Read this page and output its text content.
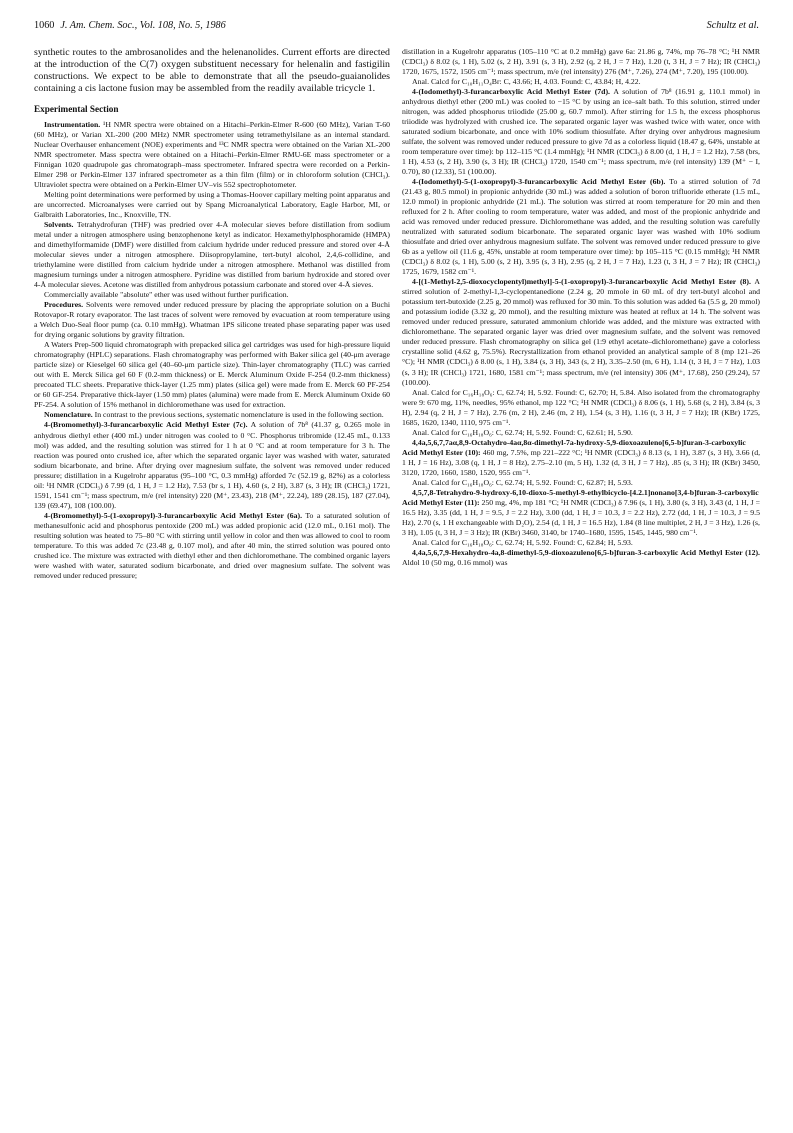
1060 J. Am. Chem. Soc., Vol. 108, No. 5, 1986	Schultz et al.

synthetic routes to the ambrosanolides and the helenanolides. Current efforts are directed at the introduction of the C(7) oxygen substituent necessary for helenalin and fastigilin constructions. We expect to be able to demonstrate that all the pseudo-guaianolides containing a cis lactone fusion may be assembled from the readily available tricycle 1.

Experimental Section

Instrumentation. ¹H NMR spectra were obtained on a Hitachi–Perkin-Elmer R-600 (60 MHz), Varian T-60 (60 MHz), or Varian XL-200 (200 MHz) NMR spectrometer using tetramethylsilane as an internal standard. Nuclear Overhauser enhancement (NOE) experiments and ¹³C NMR spectra were obtained on the Varian XL-200 NMR spectrometer. Mass spectra were obtained on a Hitachi–Perkin-Elmer RMU-6E mass spectrometer or a Finnigan 1020 quadrupole gas chromatograph–mass spectrometer. Infrared spectra were recorded on a Perkin-Elmer 298 or Perkin-Elmer 137 infrared spectrometer as a thin film (film) or in chloroform solution (CHCl₃). Ultraviolet spectra were obtained on a Perkin-Elmer UV–vis 552 spectrophotometer.

Melting point determinations were performed by using a Thomas-Hoover capillary melting point apparatus and are uncorrected. Microanalyses were carried out by Spang Microanalytical Laboratory, Eagle Harbor, MI, or Galbraith Laboratories, Inc., Knoxville, TN.

Solvents. Tetrahydrofuran (THF) was predried over 4-Å molecular sieves before distillation from sodium metal under a nitrogen atmosphere using benzophenone ketyl as indicator. Hexamethylphosphoramide (HMPA) and dimethylformamide (DMF) were distilled from calcium hydride under reduced pressure and stored over 4-Å molecular sieves under a nitrogen atmosphere. Diisopropylamine, tert-butyl alcohol, 2,4,6-collidine, and triethylamine were distilled from calcium hydride under a nitrogen atmosphere. Methanol was distilled from magnesium turnings under a nitrogen atmosphere. Pyridine was distilled from barium hydroxide and stored over 4-Å molecular sieves. Acetone was distilled from anhydrous potassium carbonate and stored over 4-Å sieves.

Commercially available "absolute" ether was used without further purification.

Procedures. Solvents were removed under reduced pressure by placing the appropriate solution on a Buchi Rotovapor-R rotary evaporator. The last traces of solvent were removed by evacuation at room temperature using a Welch Duo-Seal floor pump (ca. 0.10 mmHg). Whatman 1PS silicone treated phase separating paper was used for drying organic solutions by gravity filtration.

A Waters Prep-500 liquid chromatograph with prepacked silica gel cartridges was used for high-pressure liquid chromatography (HPLC) separations. Flash chromatography was performed with Baker silica gel (40-μm average particle size) or Kieselgel 60 silica gel (40–60-μm particle size). Thin-layer chromatography (TLC) was carried out with E. Merck Silica gel 60 F (0.2-mm thickness) or E. Merck Aluminum Oxide F-254 (0.2-mm thickness) precoated TLC sheets. Preparative thick-layer (1.25 mm) plates (silica gel) were made from E. Merck 60 PF-254 or 60 GF-254. Preparative thick-layer (1.50 mm) plates (alumina) were made from E. Merck Aluminum Oxide 60 PF-254. A solution of 15% methanol in dichloromethane was used for extraction.

Nomenclature. In contrast to the previous sections, systematic nomenclature is used in the following section.

4-(Bromomethyl)-3-furancarboxylic Acid Methyl Ester (7c). A solution of 7b⁸ (41.37 g, 0.265 mole in anhydrous diethyl ether (400 mL) under nitrogen was cooled to 0 °C. Phosphorus tribromide (12.45 mL, 0.133 mol) was added, and the resulting solution was stirred for 1 h at 0 °C and at room temperature for 3 h. The reaction was poured onto crushed ice, after which the separated organic layer was washed with water, saturated sodium bicarbonate, and brine. After drying over magnesium sulfate, the solvent was removed under reduced pressure; distillation in a Kugelrohr apparatus (95–100 °C, 0.3 mmHg) afforded 7c (52.19 g, 82%) as a colorless oil: ¹H NMR (CDCl₃) δ 7.99 (d, 1 H, J = 1.2 Hz), 7.53 (br s, 1 H), 4.60 (s, 2 H), 3.87 (s, 3 H); IR (CHCl₃) 1721, 1591, 1541 cm⁻¹; mass spectrum, m/e (rel intensity) 220 (M⁺, 23.43), 218 (M⁺, 22.24), 189 (28.15), 187 (27.04), 139 (69.47), 108 (100.00).

4-(Bromomethyl)-5-(1-oxopropyl)-3-furancarboxylic Acid Methyl Ester (6a). To a saturated solution of methanesulfonic acid and phosphorus pentoxide (200 mL) was added propionic acid (12.0 mL, 0.161 mol). The resulting solution was heated to 75–80 °C with stirring until yellow in color and then was allowed to cool to room temperature. To this was added 7c (23.48 g, 0.107 mol), and after 40 min, the stirred solution was poured onto crushed ice. The mixture was extracted with diethyl ether and then dichloromethane. The combined organic layers were washed with water, saturated sodium bicarbonate, and dried over magnesium sulfate. The solvent was removed under reduced pressure;

distillation in a Kugelrohr apparatus (105–110 °C at 0.2 mmHg) gave 6a: 21.86 g, 74%, mp 76–78 °C; ¹H NMR (CDCl₃) δ 8.02 (s, 1 H), 5.02 (s, 2 H), 3.91 (s, 3 H), 2.92 (q, 2 H, J = 7 Hz), 1.20 (t, 3 H, J = 7 Hz); IR (CHCl₃) 1720, 1675, 1572, 1505 cm⁻¹; mass spectrum, m/e (rel intensity) 276 (M⁺, 7.26), 274 (M⁺, 7.20), 195 (100.00).

Anal. Calcd for C₁₀H₁₁O₄Br: C, 43.66; H, 4.03. Found: C, 43.84; H, 4.22.

4-(Iodomethyl)-3-furancarboxylic Acid Methyl Ester (7d). A solution of 7b⁸ (16.91 g, 110.1 mmol) in anhydrous diethyl ether (200 mL) was cooled to −15 °C by using an ice–salt bath. To this solution, stirred under nitrogen, was added phosphorus triiodide (25.00 g, 60.7 mmol). After stirring for 1.5 h, the excess phosphorus triiodide was hydrolyzed with crushed ice. The separated organic layer was washed twice with water, once with saturated sodium bicarbonate, and once with 10% sodium thiosulfate. After drying over anhydrous magnesium sulfate, the solvent was removed under reduced pressure to give 7d as a colorless liquid (18.47 g, 64%, unstable at room temperature over time): bp 112–115 °C (1.4 mmHg); ¹H NMR (CDCl₃) δ 8.00 (d, 1 H, J = 1.2 Hz), 7.58 (brs, 1 H), 4.53 (s, 2 H), 3.90 (s, 3 H); IR (CHCl₃) 1720, 1540 cm⁻¹; mass spectrum, m/e (rel intensity) 139 (M⁺ − I, 0.70), 80 (12.33), 51 (100.00).

4-(Iodomethyl)-5-(1-oxopropyl)-3-furancarboxylic Acid Methyl Ester (6b). To a stirred solution of 7d (21.43 g, 80.5 mmol) in propionic anhydride (30 mL) was added a solution of boron trifluoride etherate (1.5 mL, 12.0 mmol) in propionic anhydride (21 mL). The solution was stirred at room temperature for 20 min and then refluxed for 2 h. After cooling to room temperature, water was added, and most of the propionic anhydride and acid was removed under reduced pressure. Dichloromethane was added, and the resulting solution was carefully neutralized with saturated sodium bicarbonate. The separated organic layer was washed with 10% sodium thiosulfate and dried over anhydrous magnesium sulfate. The solvent was removed under reduced pressure to give 6b as a yellow oil (11.6 g, 45%, unstable at room temperature over time): bp 105–115 °C (0.15 mmHg); ¹H NMR (CDCl₃) δ 8.02 (s, 1 H), 5.00 (s, 2 H), 3.95 (s, 3 H), 2.95 (q, 2 H, J = 7 Hz), 1.23 (t, 3 H, J = 7 Hz); IR (CHCl₃) 1725, 1679, 1582 cm⁻¹.

4-[(1-Methyl-2,5-dioxocyclopentyl)methyl]-5-(1-oxopropyl)-3-furancarboxylic Acid Methyl Ester (8). A stirred solution of 2-methyl-1,3-cyclopentanedione (2.24 g, 20 mmole in 60 mL of dry tert-butyl alcohol and potassium tert-butoxide (2.25 g, 20 mmol) was refluxed for 30 min. To this solution was added 6a (5.5 g, 20 mmol) and potassium iodide (3.32 g, 20 mmol), and the resulting mixture was heated at reflux at 14 h. The solvent was removed under reduced pressure, saturated ammonium chloride was added, and the mixture was extracted with dichloromethane. The separated organic layer was dried over magnesium sulfate, and the solvent was removed under reduced pressure. Flash chromatography on silica gel (1:9 ethyl acetate–dichloromethane) gave a colorless crystalline solid (4.62 g, 75.5%). Recrystallization from ethanol provided an analytical sample of 8 (mp 121–26 °C); ¹H NMR (CDCl₃) δ 8.00 (s, 1 H), 3.84 (s, 3 H), 343 (s, 2 H), 3.35–2.50 (m, 6 H), 1.14 (t, 3 H, J = 7 Hz), 1.03 (s, 3 H); IR (CHCl₃) 1721, 1680, 1581 cm⁻¹; mass spectrum, m/e (rel intensity) 306 (M⁺, 17.68), 250 (29.24), 57 (100.00).

Anal. Calcd for C₁₆H₁₈O₆: C, 62.74; H, 5.92. Found: C, 62.70; H, 5.84. Also isolated from the chromatography were 9: 670 mg, 11%, needles, 95% ethanol, mp 122 °C; ¹H NMR (CDCl₃) δ 8.06 (s, 1 H), 5.68 (s, 2 H), 3.84 (s, 3 H), 2.94 (q, 2 H, J = 7 Hz), 2.76 (m, 2 H), 2.46 (m, 2 H), 1.54 (s, 3 H), 1.16 (t, 3 H, J = 7 Hz); IR (KBr) 1725, 1685, 1620, 1340, 1110, 975 cm⁻¹.

Anal. Calcd for C₁₆H₁₈O₆: C, 62.74; H, 5.92. Found: C, 62.61; H, 5.90.

4,4a,5,6,7,7aα,8,9-Octahydro-4aα,8α-dimethyl-7a-hydroxy-5,9-dioxoazuleno[6,5-b]furan-3-carboxylic Acid Methyl Ester (10): 460 mg, 7.5%, mp 221–222 °C; ¹H NMR (CDCl₃) δ 8.13 (s, 1 H), 3.87 (s, 3 H), 3.66 (d, 1 H, J = 16 Hz), 3.08 (q, 1 H, J = 8 Hz), 2.75–2.10 (m, 5 H), 1.32 (d, 3 H, J = 7 Hz), .85 (s, 3 H); IR (KBr) 3450, 3120, 1720, 1660, 1580, 1520, 955 cm⁻¹.

Anal. Calcd for C₁₆H₁₈O₆: C, 62.74; H, 5.92. Found: C, 62.87; H, 5.93.

4,5,7,8-Tetrahydro-9-hydroxy-6,10-dioxo-5-methyl-9-ethylbicyclo-[4.2.1]nonano[3,4-b]furan-3-carboxylic Acid Methyl Ester (11): 250 mg, 4%, mp 181 °C; ¹H NMR (CDCl₃) δ 7.96 (s, 1 H), 3.80 (s, 3 H), 3.43 (d, 1 H, J = 16.5 Hz), 3.35 (dd, 1 H, J = 9.5, J = 2.2 Hz), 3.00 (dd, 1 H, J = 10.3, J = 2.2 Hz), 2.72 (dd, 1 H, J = 10.3, J = 9.5 Hz), 2.70 (s, 1 H exchangeable with D₂O), 2.54 (d, 1 H, J = 16.5 Hz), 1.84 (8 line multiplet, 2 H, J = 3 Hz), 1.26 (s, 3 H), 1.05 (t, 3 H, J = 3 Hz); IR (KBr) 3460, 3140, br 1740–1680, 1595, 1545, 1445, 980 cm⁻¹.

Anal. Calcd for C₁₆H₁₈O₆: C, 62.74; H, 5.92. Found: C, 62.84; H, 5.93.

4,4a,5,6,7,9-Hexahydro-4a,8-dimethyl-5,9-dioxoazuleno[6,5-b]furan-3-carboxylic Acid Methyl Ester (12). Aldol 10 (50 mg, 0.16 mmol) was
